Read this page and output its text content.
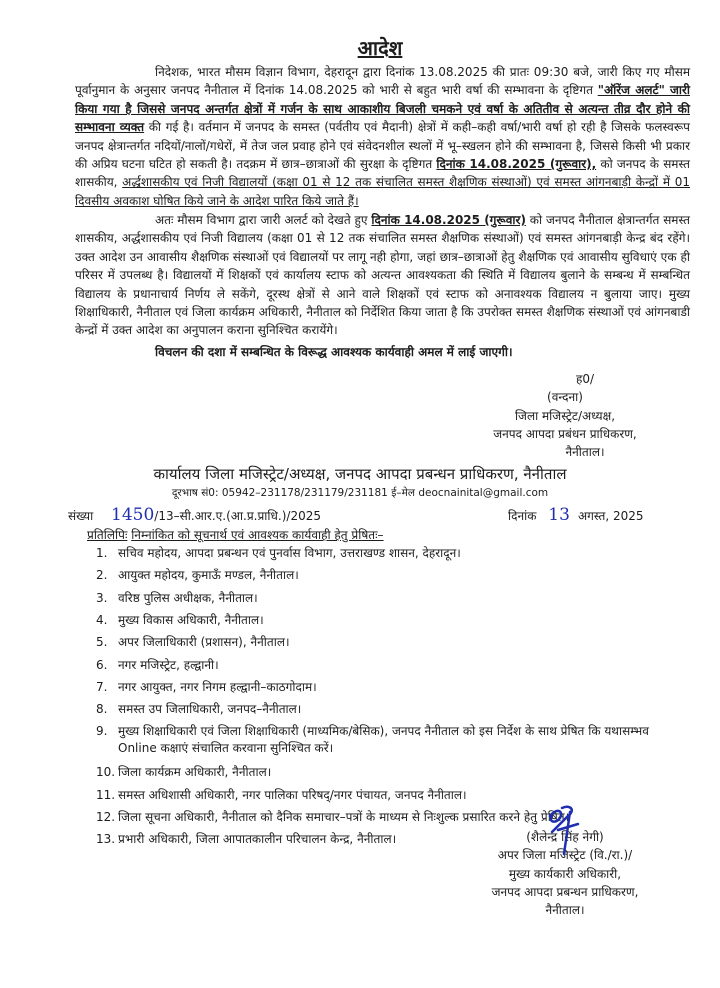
आदेश
निदेशक, भारत मौसम विज्ञान विभाग, देहरादून द्वारा दिनांक 13.08.2025 की प्रातः 09:30 बजे, जारी किए गए मौसम पूर्वानुमान के अनुसार जनपद नैनीताल में दिनांक 14.08.2025 को भारी से बहुत भारी वर्षा की सम्भावना के दृष्टिगत "ऑरेंज अलर्ट" जारी किया गया है जिससे जनपद अन्तर्गत क्षेत्रों में गर्जन के साथ आकाशीय बिजली चमकने एवं वर्षा के अतितीव से अत्यन्त तीव्र दौर होने की सम्भावना व्यक्त की गई है। वर्तमान में जनपद के समस्त (पर्वतीय एवं मैदानी) क्षेत्रों में कही–कही वर्षा/भारी वर्षा हो रही है जिसके फलस्वरूप जनपद क्षेत्रान्तर्गत नदियों/नालों/गधेरों, में तेज जल प्रवाह होने एवं संवेदनशील स्थलों में भू–स्खलन होने की सम्भावना है, जिससे किसी भी प्रकार की अप्रिय घटना घटित हो सकती है। तदक्रम में छात्र–छात्राओं की सुरक्षा के दृष्टिगत दिनांक 14.08.2025 (गुरूवार), को जनपद के समस्त शासकीय, अर्द्धशासकीय एवं निजी विद्यालयों (कक्षा 01 से 12 तक संचालित समस्त शैक्षणिक संस्थाओं) एवं समस्त आंगनबाड़ी केन्द्रों में 01 दिवसीय अवकाश घोषित किये जाने के आदेश पारित किये जाते हैं।
अतः मौसम विभाग द्वारा जारी अलर्ट को देखते हुए दिनांक 14.08.2025 (गुरूवार) को जनपद नैनीताल क्षेत्रान्तर्गत समस्त शासकीय, अर्द्धशासकीय एवं निजी विद्यालय (कक्षा 01 से 12 तक संचालित समस्त शैक्षणिक संस्थाओं) एवं समस्त आंगनबाड़ी केन्द्र बंद रहेंगे। उक्त आदेश उन आवासीय शैक्षणिक संस्थाओं एवं विद्यालयों पर लागू नही होगा, जहां छात्र–छात्राओं हेतु शैक्षणिक एवं आवासीय सुविधाएं एक ही परिसर में उपलब्ध है। विद्यालयों में शिक्षकों एवं कार्यालय स्टाफ को अत्यन्त आवश्यकता की स्थिति में विद्यालय बुलाने के सम्बन्ध में सम्बन्धित विद्यालय के प्रधानाचार्य निर्णय ले सकेंगे, दूरस्थ क्षेत्रों से आने वाले शिक्षकों एवं स्टाफ को अनावश्यक विद्यालय न बुलाया जाए। मुख्य शिक्षाधिकारी, नैनीताल एवं जिला कार्यक्रम अधिकारी, नैनीताल को निर्देशित किया जाता है कि उपरोक्त समस्त शैक्षणिक संस्थाओं एवं आंगनबाडी केन्द्रों में उक्त आदेश का अनुपालन कराना सुनिश्चित करायेंगे।
विचलन की दशा में सम्बन्धित के विरूद्ध आवश्यक कार्यवाही अमल में लाई जाएगी।
ह0/
(वन्दना)
जिला मजिस्ट्रेट/अध्यक्ष,
जनपद आपदा प्रबंधन प्राधिकरण,
नैनीताल।
कार्यालय जिला मजिस्ट्रेट/अध्यक्ष, जनपद आपदा प्रबन्धन प्राधिकरण, नैनीताल
दूरभाष सं0: 05942–231178/231179/231181 ई–मेल deocnainital@gmail.com
संख्या 1450/13–सी.आर.ए.(आ.प्र.प्राधि.)/2025	दिनांक 13 अगस्त, 2025
प्रतिलिपिः निम्नांकित को सूचनार्थ एवं आवश्यक कार्यवाही हेतु प्रेषितः–
1. सचिव महोदय, आपदा प्रबन्धन एवं पुनर्वास विभाग, उत्तराखण्ड शासन, देहरादून।
2. आयुक्त महोदय, कुमाऊँ मण्डल, नैनीताल।
3. वरिष्ठ पुलिस अधीक्षक, नैनीताल।
4. मुख्य विकास अधिकारी, नैनीताल।
5. अपर जिलाधिकारी (प्रशासन), नैनीताल।
6. नगर मजिस्ट्रेट, हल्द्वानी।
7. नगर आयुक्त, नगर निगम हल्द्वानी–काठगोदाम।
8. समस्त उप जिलाधिकारी, जनपद–नैनीताल।
9. मुख्य शिक्षाधिकारी एवं जिला शिक्षाधिकारी (माध्यमिक/बेसिक), जनपद नैनीताल को इस निर्देश के साथ प्रेषित कि यथासम्भव Online कक्षाएं संचालित करवाना सुनिश्चित करें।
10. जिला कार्यक्रम अधिकारी, नैनीताल।
11. समस्त अधिशासी अधिकारी, नगर पालिका परिषद्/नगर पंचायत, जनपद नैनीताल।
12. जिला सूचना अधिकारी, नैनीताल को दैनिक समाचार–पत्रों के माध्यम से निःशुल्क प्रसारित करने हेतु प्रेषित।
13. प्रभारी अधिकारी, जिला आपातकालीन परिचालन केन्द्र, नैनीताल।	(शैलेन्द्र सिंह नेगी)
अपर जिला मजिस्ट्रेट (वि./रा.)/
मुख्य कार्यकारी अधिकारी,
जनपद आपदा प्रबन्धन प्राधिकरण,
नैनीताल।
